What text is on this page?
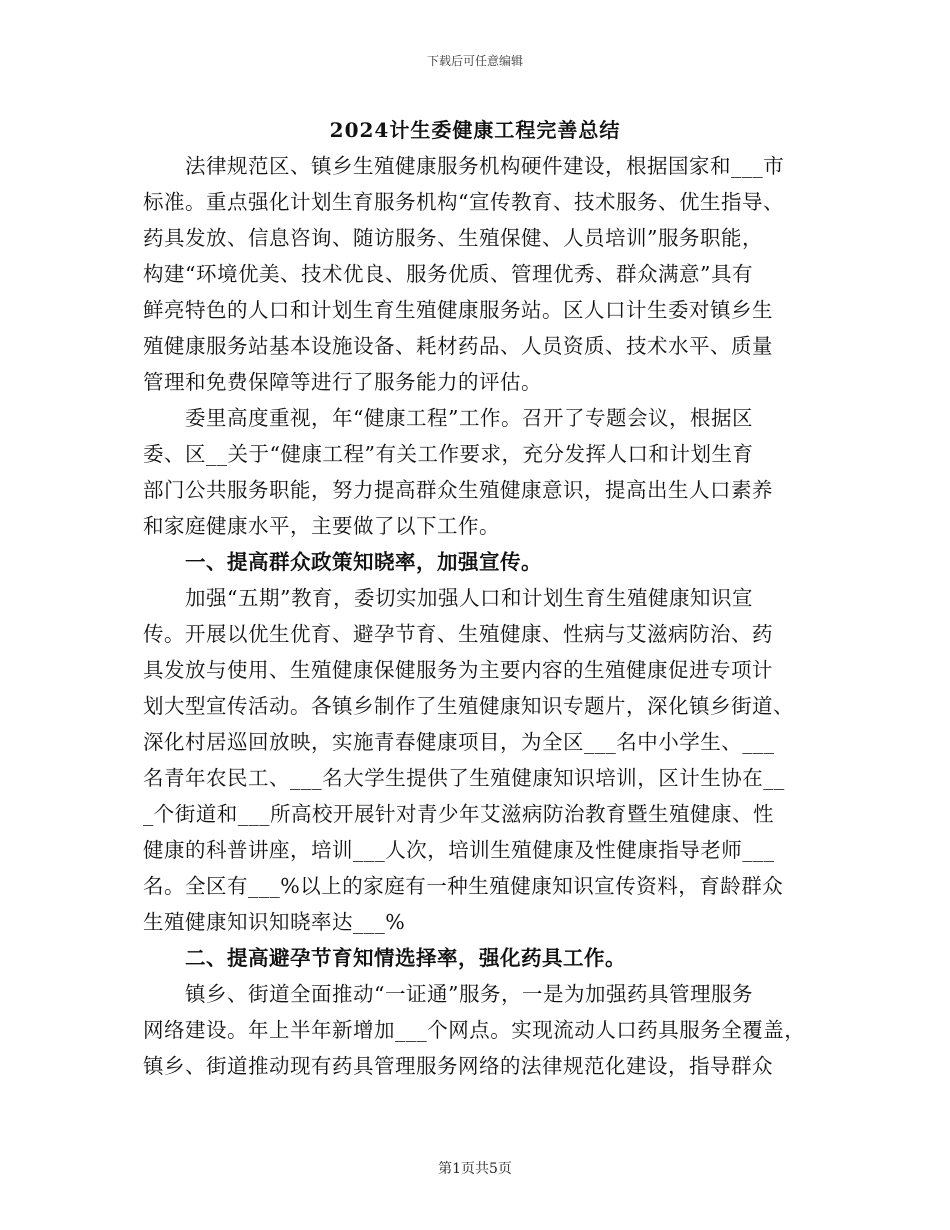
下载后可任意编辑
2024计生委健康工程完善总结
法律规范区、镇乡生殖健康服务机构硬件建设，根据国家和___市
标准。重点强化计划生育服务机构“宣传教育、技术服务、优生指导、
药具发放、信息咨询、随访服务、生殖保健、人员培训”服务职能，
构建“环境优美、技术优良、服务优质、管理优秀、群众满意”具有
鲜亮特色的人口和计划生育生殖健康服务站。区人口计生委对镇乡生
殖健康服务站基本设施设备、耗材药品、人员资质、技术水平、质量
管理和免费保障等进行了服务能力的评估。
委里高度重视，年“健康工程”工作。召开了专题会议，根据区
委、区__关于“健康工程”有关工作要求，充分发挥人口和计划生育
部门公共服务职能，努力提高群众生殖健康意识，提高出生人口素养
和家庭健康水平，主要做了以下工作。
一、提高群众政策知晓率，加强宣传。
加强“五期”教育，委切实加强人口和计划生育生殖健康知识宣
传。开展以优生优育、避孕节育、生殖健康、性病与艾滋病防治、药
具发放与使用、生殖健康保健服务为主要内容的生殖健康促进专项计
划大型宣传活动。各镇乡制作了生殖健康知识专题片，深化镇乡街道、
深化村居巡回放映，实施青春健康项目，为全区___名中小学生、___
名青年农民工、___名大学生提供了生殖健康知识培训，区计生协在__
_个街道和___所高校开展针对青少年艾滋病防治教育暨生殖健康、性
健康的科普讲座，培训___人次，培训生殖健康及性健康指导老师___
名。全区有___%以上的家庭有一种生殖健康知识宣传资料，育龄群众
生殖健康知识知晓率达___%
二、提高避孕节育知情选择率，强化药具工作。
镇乡、街道全面推动“一证通”服务，一是为加强药具管理服务
网络建设。年上半年新增加___个网点。实现流动人口药具服务全覆盖，
镇乡、街道推动现有药具管理服务网络的法律规范化建设，指导群众
第1页共5页
